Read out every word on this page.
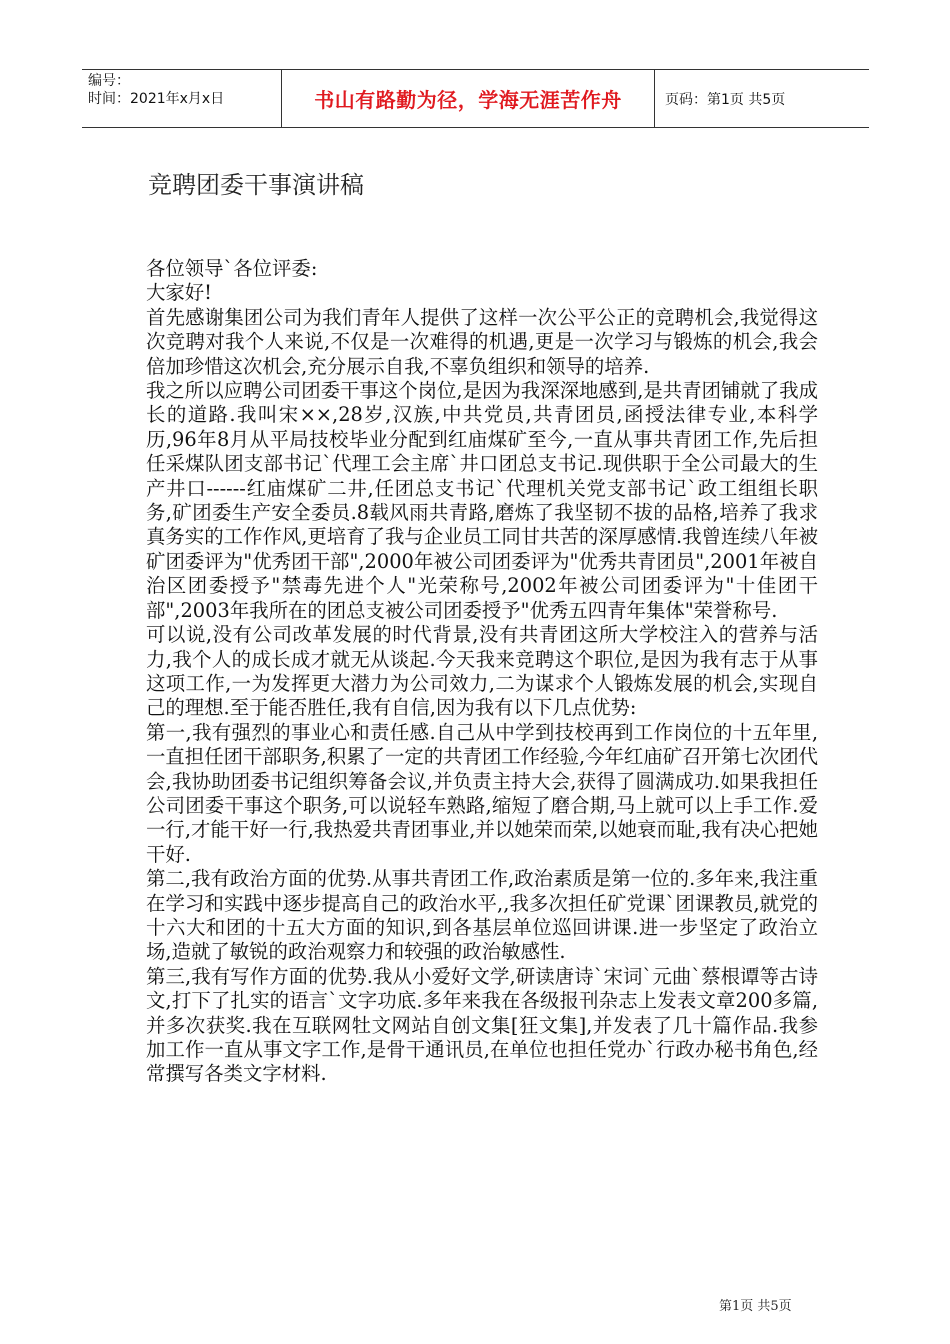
编号：
时间：2021年x月x日	书山有路勤为径，学海无涯苦作舟	页码：第1页 共5页
竞聘团委干事演讲稿

各位领导`各位评委:

大家好!

首先感谢集团公司为我们青年人提供了这样一次公平公正的竞聘机会,我觉得这次竞聘对我个人来说,不仅是一次难得的机遇,更是一次学习与锻炼的机会,我会倍加珍惜这次机会,充分展示自我,不辜负组织和领导的培养.

我之所以应聘公司团委干事这个岗位,是因为我深深地感到,是共青团铺就了我成长的道路.我叫宋××,28岁,汉族,中共党员,共青团员,函授法律专业,本科学历,96年8月从平局技校毕业分配到红庙煤矿至今,一直从事共青团工作,先后担任采煤队团支部书记`代理工会主席`井口团总支书记.现供职于全公司最大的生产井口------红庙煤矿二井,任团总支书记`代理机关党支部书记`政工组组长职务,矿团委生产安全委员.8载风雨共青路,磨炼了我坚韧不拔的品格,培养了我求真务实的工作作风,更培育了我与企业员工同甘共苦的深厚感情.我曾连续八年被矿团委评为"优秀团干部",2000年被公司团委评为"优秀共青团员",2001年被自治区团委授予"禁毒先进个人"光荣称号,2002年被公司团委评为"十佳团干部",2003年我所在的团总支被公司团委授予"优秀五四青年集体"荣誉称号.

可以说,没有公司改革发展的时代背景,没有共青团这所大学校注入的营养与活力,我个人的成长成才就无从谈起.今天我来竞聘这个职位,是因为我有志于从事这项工作,一为发挥更大潜力为公司效力,二为谋求个人锻炼发展的机会,实现自己的理想.至于能否胜任,我有自信,因为我有以下几点优势:

第一,我有强烈的事业心和责任感.自己从中学到技校再到工作岗位的十五年里,一直担任团干部职务,积累了一定的共青团工作经验,今年红庙矿召开第七次团代会,我协助团委书记组织筹备会议,并负责主持大会,获得了圆满成功.如果我担任公司团委干事这个职务,可以说轻车熟路,缩短了磨合期,马上就可以上手工作.爱一行,才能干好一行,我热爱共青团事业,并以她荣而荣,以她衰而耻,我有决心把她干好.

第二,我有政治方面的优势.从事共青团工作,政治素质是第一位的.多年来,我注重在学习和实践中逐步提高自己的政治水平,,我多次担任矿党课`团课教员,就党的十六大和团的十五大方面的知识,到各基层单位巡回讲课.进一步坚定了政治立场,造就了敏锐的政治观察力和较强的政治敏感性.

第三,我有写作方面的优势.我从小爱好文学,研读唐诗`宋词`元曲`蔡根谭等古诗文,打下了扎实的语言`文字功底.多年来我在各级报刊杂志上发表文章200多篇,并多次获奖.我在互联网牡文网站自创文集[狂文集],并发表了几十篇作品.我参加工作一直从事文字工作,是骨干通讯员,在单位也担任党办`行政办秘书角色,经常撰写各类文字材料.

第1页 共5页
